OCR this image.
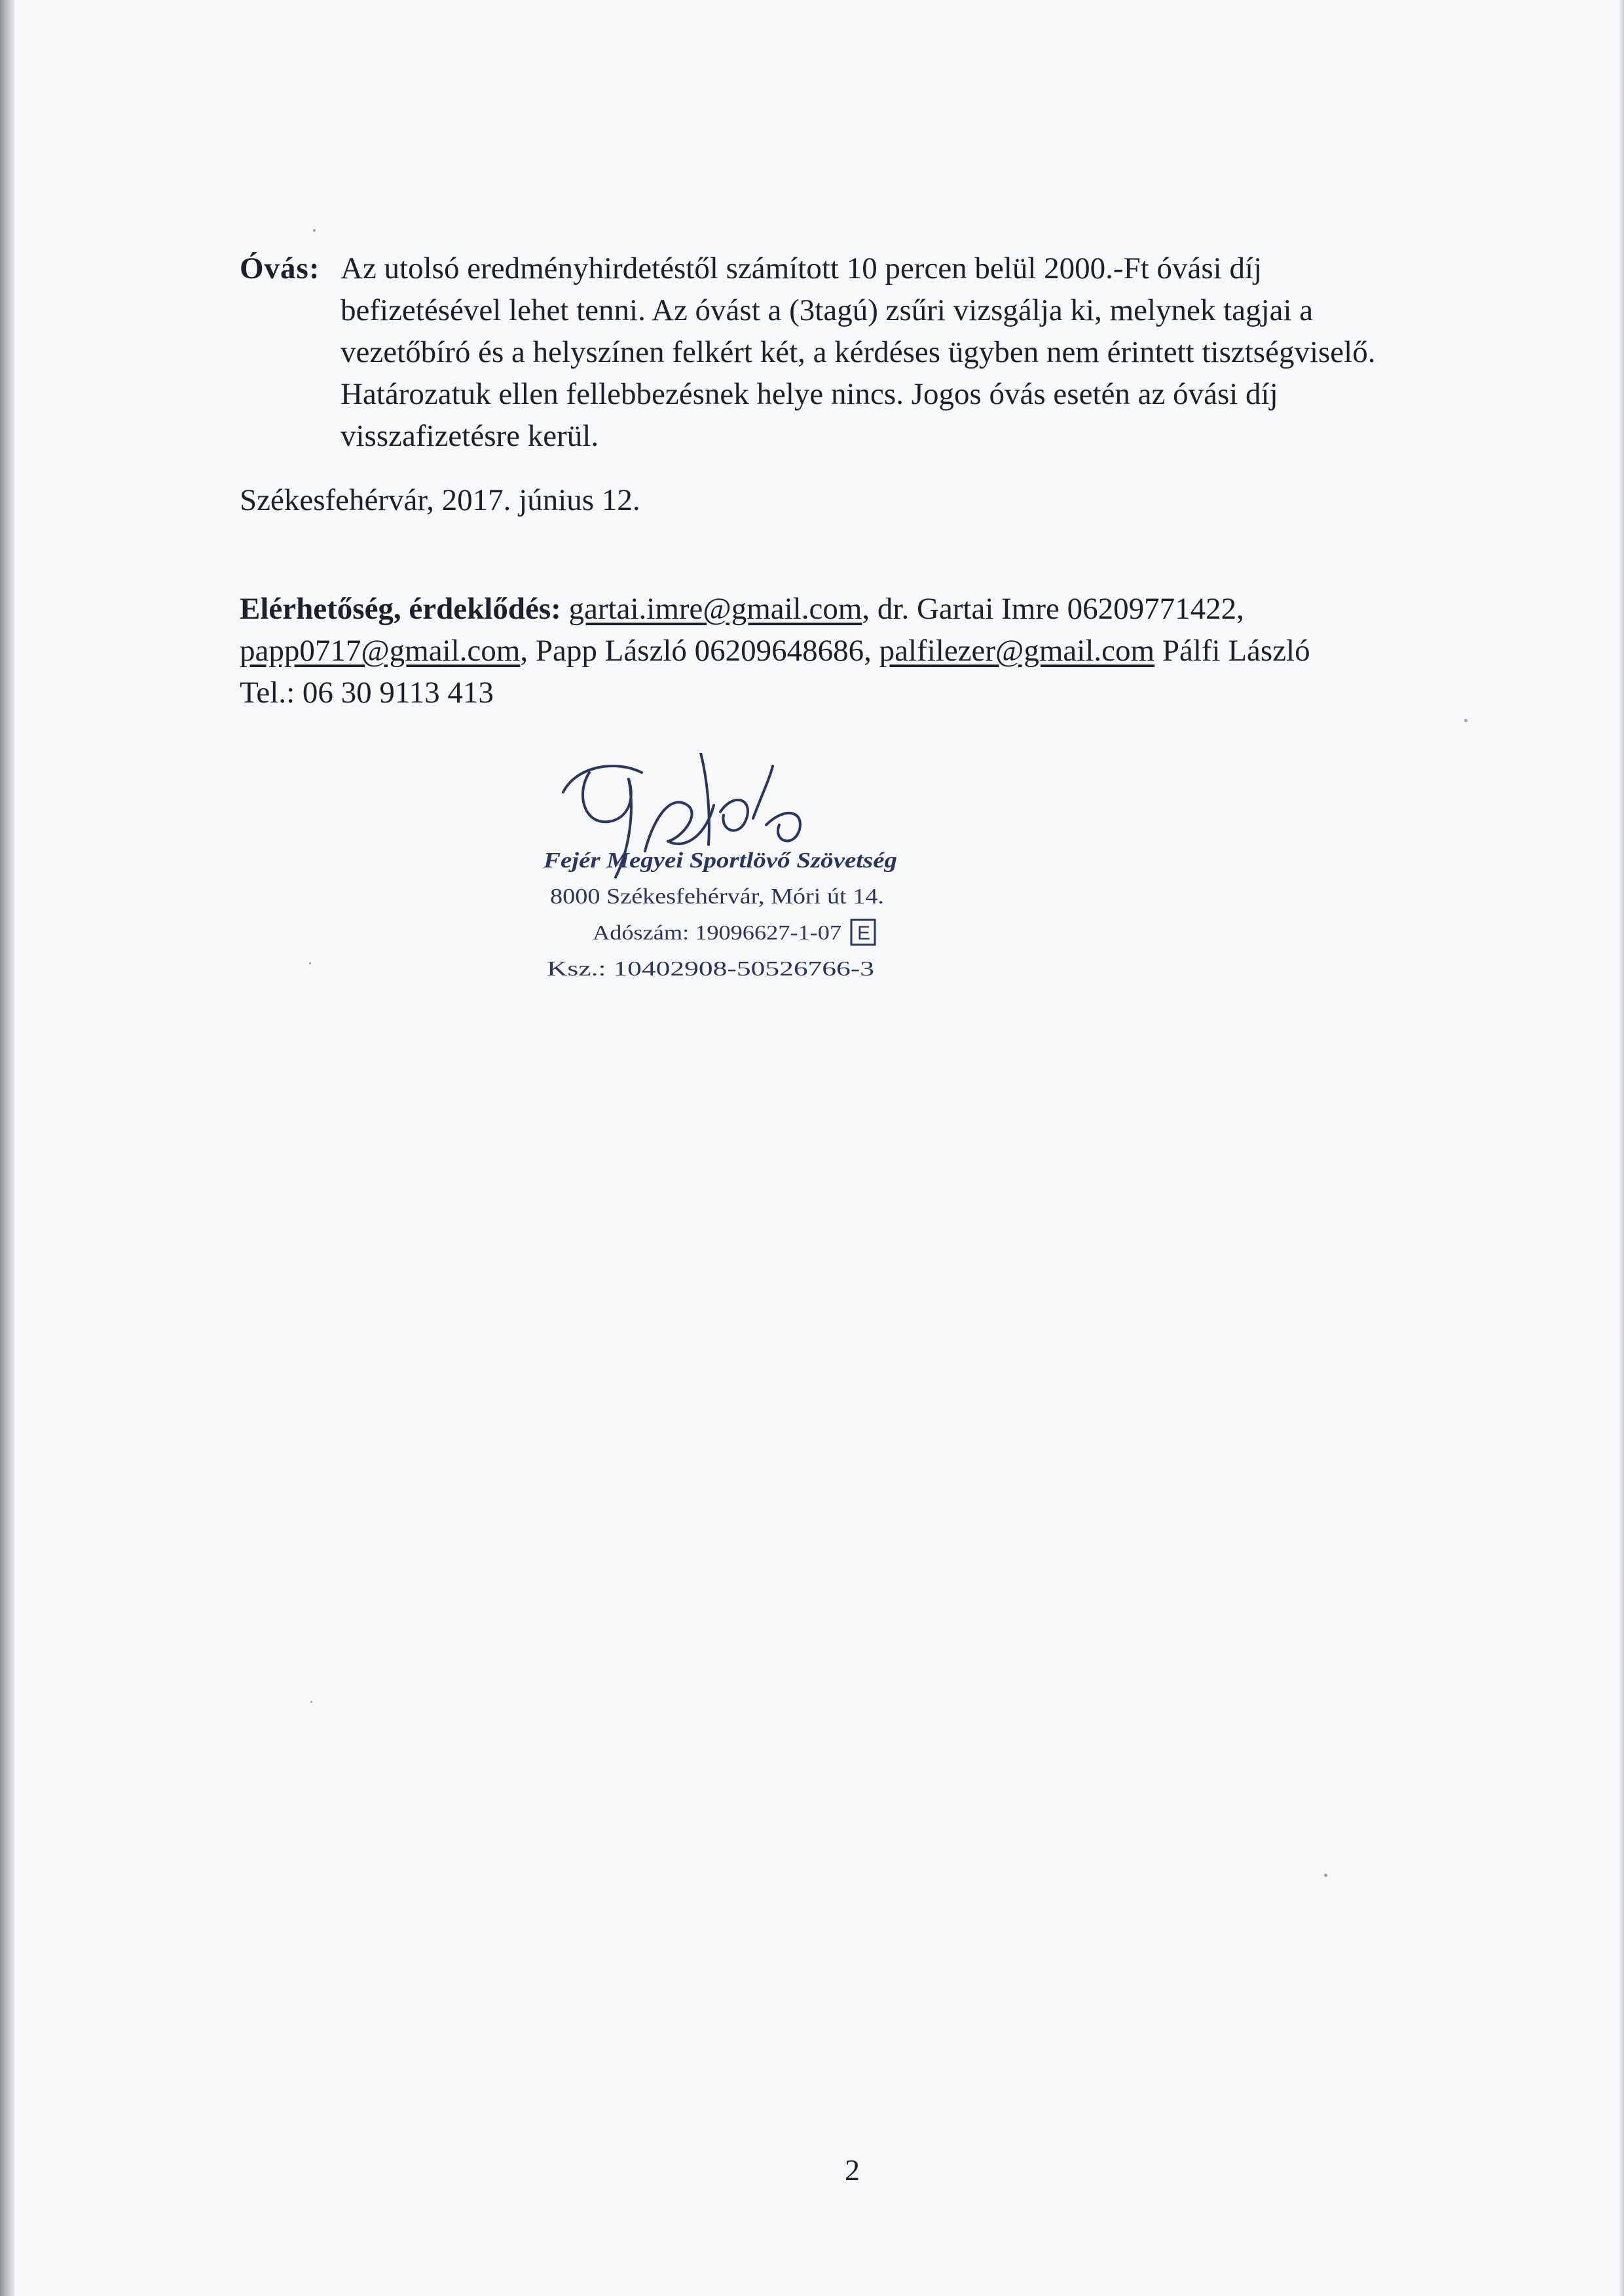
Óvás: Az utolsó eredményhirdetéstől számított 10 percen belül 2000.-Ft óvási díj
befizetésével lehet tenni. Az óvást a (3tagú) zsűri vizsgálja ki, melynek tagjai a
vezetőbíró és a helyszínen felkért két, a kérdéses ügyben nem érintett tisztségviselő.
Határozatuk ellen fellebbezésnek helye nincs. Jogos óvás esetén az óvási díj
visszafizetésre kerül.
Székesfehérvár, 2017. június 12.
Elérhetőség, érdeklődés: gartai.imre@gmail.com, dr. Gartai Imre 06209771422,
papp0717@gmail.com, Papp László 06209648686, palfilezer@gmail.com Pálfi László
Tel.: 06 30 9113 413
Fejér Megyei Sportlövő Szövetség
8000 Székesfehérvár, Móri út 14.
Adószám: 19096627-1-07
Ksz.: 10402908-50526766-3
E
2
